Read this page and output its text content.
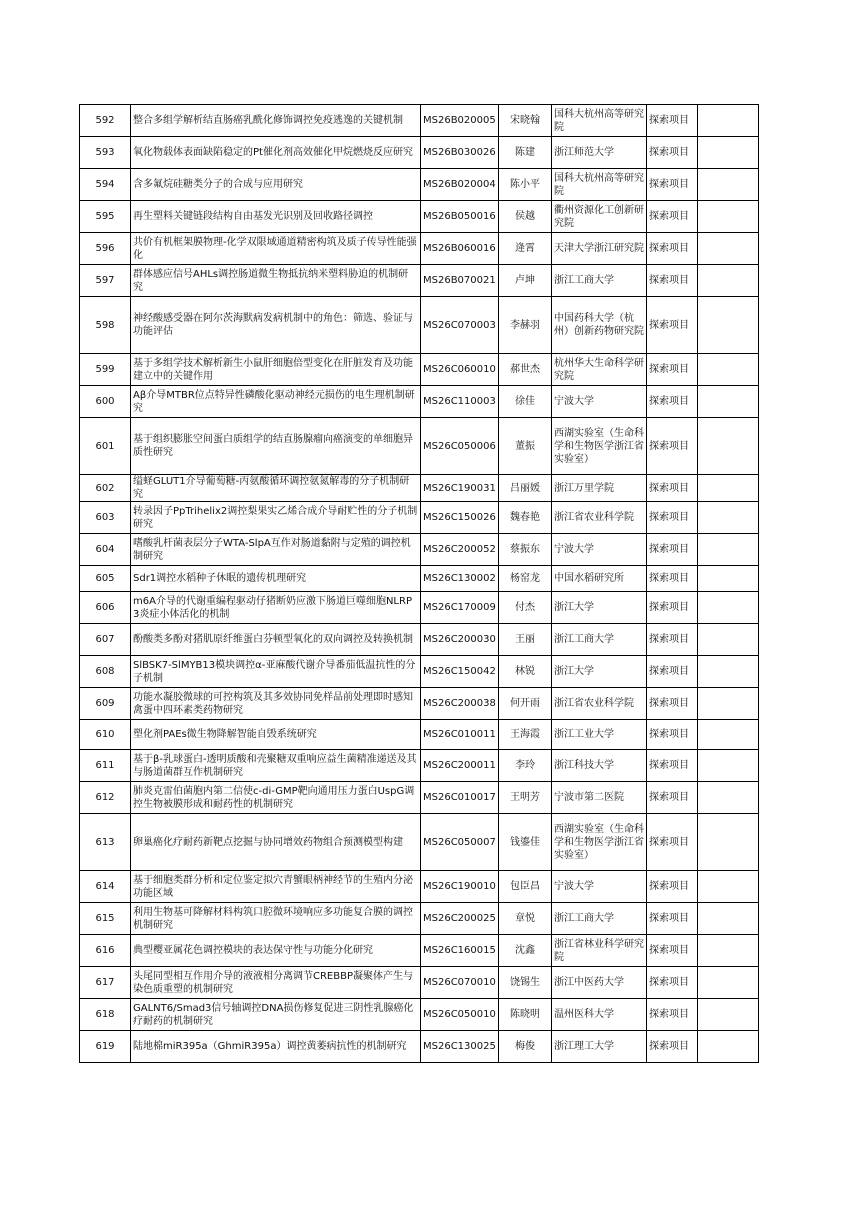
592	整合多组学解析结直肠癌乳酰化修饰调控免疫逃逸的关键机制	MS26B020005	宋晓翰	国科大杭州高等研究院	探索项目	
593	氧化物载体表面缺陷稳定的Pt催化剂高效催化甲烷燃烧反应研究	MS26B030026	陈建	浙江师范大学	探索项目	
594	含多氟烷硅糖类分子的合成与应用研究	MS26B020004	陈小平	国科大杭州高等研究院	探索项目	
595	再生塑料关键链段结构自由基发光识别及回收路径调控	MS26B050016	侯越	衢州资源化工创新研究院	探索项目	
596	共价有机框架膜物理-化学双限域通道精密构筑及质子传导性能强化	MS26B060016	逄霄	天津大学浙江研究院	探索项目	
597	群体感应信号AHLs调控肠道微生物抵抗纳米塑料胁迫的机制研究	MS26B070021	卢坤	浙江工商大学	探索项目	
598	神经酸感受器在阿尔茨海默病发病机制中的角色：筛选、验证与功能评估	MS26C070003	李赫羽	中国药科大学（杭州）创新药物研究院	探索项目	
599	基于多组学技术解析新生小鼠肝细胞倍型变化在肝脏发育及功能建立中的关键作用	MS26C060010	郝世杰	杭州华大生命科学研究院	探索项目	
600	Aβ介导MTBR位点特异性磷酸化驱动神经元损伤的电生理机制研究	MS26C110003	徐佳	宁波大学	探索项目	
601	基于组织膨胀空间蛋白质组学的结直肠腺瘤向癌演变的单细胞异质性研究	MS26C050006	董振	西湖实验室（生命科学和生物医学浙江省实验室）	探索项目	
602	缢蛏GLUT1介导葡萄糖-丙氨酸循环调控氨氮解毒的分子机制研究	MS26C190031	吕丽媛	浙江万里学院	探索项目	
603	转录因子PpTrihelix2调控梨果实乙烯合成介导耐贮性的分子机制研究	MS26C150026	魏春艳	浙江省农业科学院	探索项目	
604	嗜酸乳杆菌表层分子WTA-SlpA互作对肠道黏附与定殖的调控机制研究	MS26C200052	蔡振东	宁波大学	探索项目	
605	Sdr1调控水稻种子休眠的遗传机理研究	MS26C130002	杨窑龙	中国水稻研究所	探索项目	
606	m6A介导的代谢重编程驱动仔猪断奶应激下肠道巨噬细胞NLRP3炎症小体活化的机制	MS26C170009	付杰	浙江大学	探索项目	
607	酚酸类多酚对猪肌原纤维蛋白芬顿型氧化的双向调控及转换机制	MS26C200030	王丽	浙江工商大学	探索项目	
608	SlBSK7-SlMYB13模块调控α-亚麻酸代谢介导番茄低温抗性的分子机制	MS26C150042	林锐	浙江大学	探索项目	
609	功能水凝胶微球的可控构筑及其多效协同免样品前处理即时感知禽蛋中四环素类药物研究	MS26C200038	何开雨	浙江省农业科学院	探索项目	
610	塑化剂PAEs微生物降解智能自毁系统研究	MS26C010011	王海霞	浙江工业大学	探索项目	
611	基于β-乳球蛋白-透明质酸和壳聚糖双重响应益生菌精准递送及其与肠道菌群互作机制研究	MS26C200011	李玲	浙江科技大学	探索项目	
612	肺炎克雷伯菌胞内第二信使c-di-GMP靶向通用压力蛋白UspG调控生物被膜形成和耐药性的机制研究	MS26C010017	王明芳	宁波市第二医院	探索项目	
613	卵巢癌化疗耐药新靶点挖掘与协同增效药物组合预测模型构建	MS26C050007	钱鎏佳	西湖实验室（生命科学和生物医学浙江省实验室）	探索项目	
614	基于细胞类群分析和定位鉴定拟穴青蟹眼柄神经节的生殖内分泌功能区域	MS26C190010	包臣昌	宁波大学	探索项目	
615	利用生物基可降解材料构筑口腔微环境响应多功能复合膜的调控机制研究	MS26C200025	章悦	浙江工商大学	探索项目	
616	典型樱亚属花色调控模块的表达保守性与功能分化研究	MS26C160015	沈鑫	浙江省林业科学研究院	探索项目	
617	头尾同型相互作用介导的液液相分离调节CREBBP凝聚体产生与染色质重塑的机制研究	MS26C070010	饶锡生	浙江中医药大学	探索项目	
618	GALNT6/Smad3信号轴调控DNA损伤修复促进三阴性乳腺癌化疗耐药的机制研究	MS26C050010	陈晓明	温州医科大学	探索项目	
619	陆地棉miR395a（GhmiR395a）调控黄萎病抗性的机制研究	MS26C130025	梅俊	浙江理工大学	探索项目	
